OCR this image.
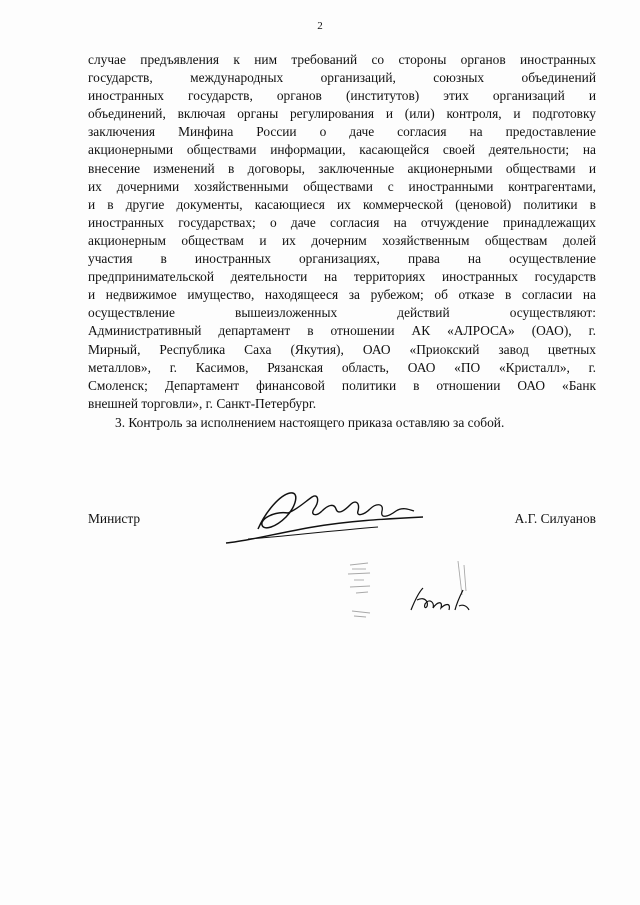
2
случае предъявления к ним требований со стороны органов иностранных
государств, международных организаций, союзных объединений
иностранных государств, органов (институтов) этих организаций и
объединений, включая органы регулирования и (или) контроля, и подготовку
заключения Минфина России о даче согласия на предоставление
акционерными обществами информации, касающейся своей деятельности; на
внесение изменений в договоры, заключенные акционерными обществами и
их дочерними хозяйственными обществами с иностранными контрагентами,
и в другие документы, касающиеся их коммерческой (ценовой) политики в
иностранных государствах; о даче согласия на отчуждение принадлежащих
акционерным обществам и их дочерним хозяйственным обществам долей
участия в иностранных организациях, права на осуществление
предпринимательской деятельности на территориях иностранных государств
и недвижимое имущество, находящееся за рубежом; об отказе в согласии на
осуществление вышеизложенных действий осуществляют:
Административный департамент в отношении АК «АЛРОСА» (ОАО), г.
Мирный, Республика Саха (Якутия), ОАО «Приокский завод цветных
металлов», г. Касимов, Рязанская область, ОАО «ПО «Кристалл», г.
Смоленск; Департамент финансовой политики в отношении ОАО «Банк
внешней торговли», г. Санкт-Петербург.
3. Контроль за исполнением настоящего приказа оставляю за собой.
Министр	А.Г. Силуанов
